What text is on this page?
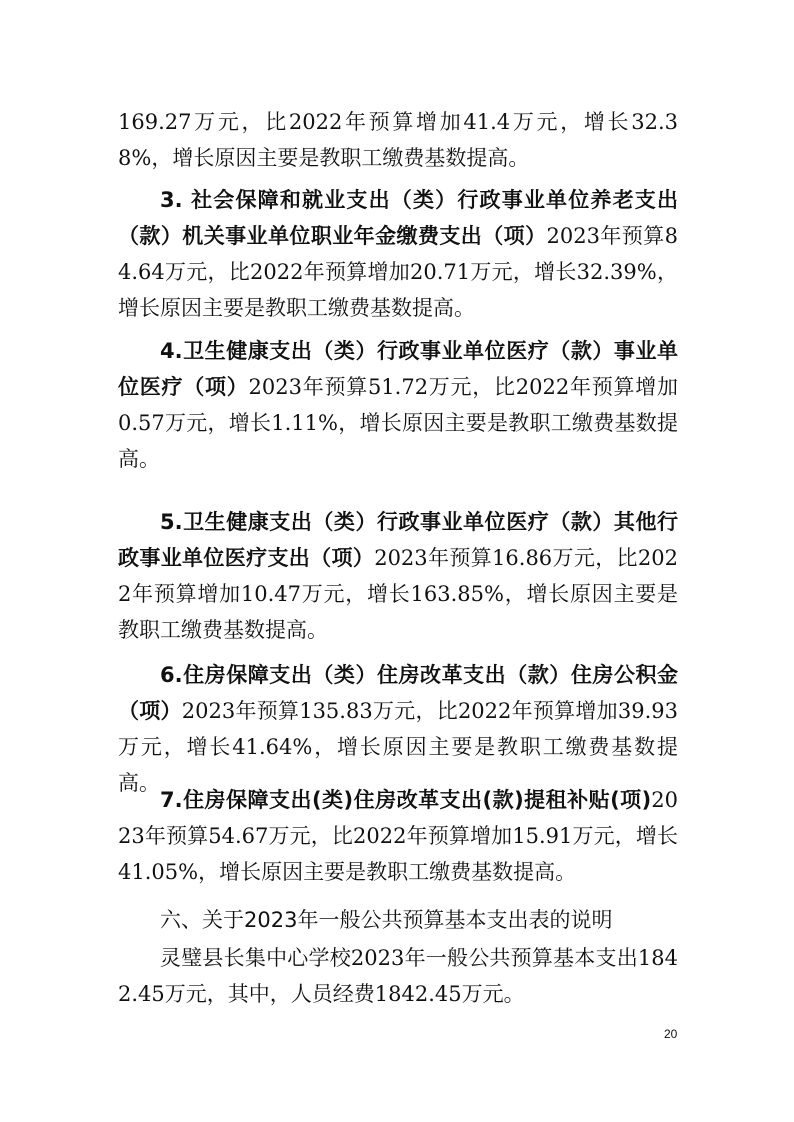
169.27万元，比2022年预算增加41.4万元，增长32.38%，增长原因主要是教职工缴费基数提高。

3. 社会保障和就业支出（类）行政事业单位养老支出（款）机关事业单位职业年金缴费支出（项）2023年预算84.64万元，比2022年预算增加20.71万元，增长32.39%，增长原因主要是教职工缴费基数提高。

4.卫生健康支出（类）行政事业单位医疗（款）事业单位医疗（项）2023年预算51.72万元，比2022年预算增加0.57万元，增长1.11%，增长原因主要是教职工缴费基数提高。

5.卫生健康支出（类）行政事业单位医疗（款）其他行政事业单位医疗支出（项）2023年预算16.86万元，比2022年预算增加10.47万元，增长163.85%，增长原因主要是教职工缴费基数提高。

6.住房保障支出（类）住房改革支出（款）住房公积金（项）2023年预算135.83万元，比2022年预算增加39.93万元，增长41.64%，增长原因主要是教职工缴费基数提高。

7.住房保障支出(类)住房改革支出(款)提租补贴(项)2023年预算54.67万元，比2022年预算增加15.91万元，增长41.05%，增长原因主要是教职工缴费基数提高。

六、关于2023年一般公共预算基本支出表的说明

灵璧县长集中心学校2023年一般公共预算基本支出1842.45万元，其中，人员经费1842.45万元。

20
